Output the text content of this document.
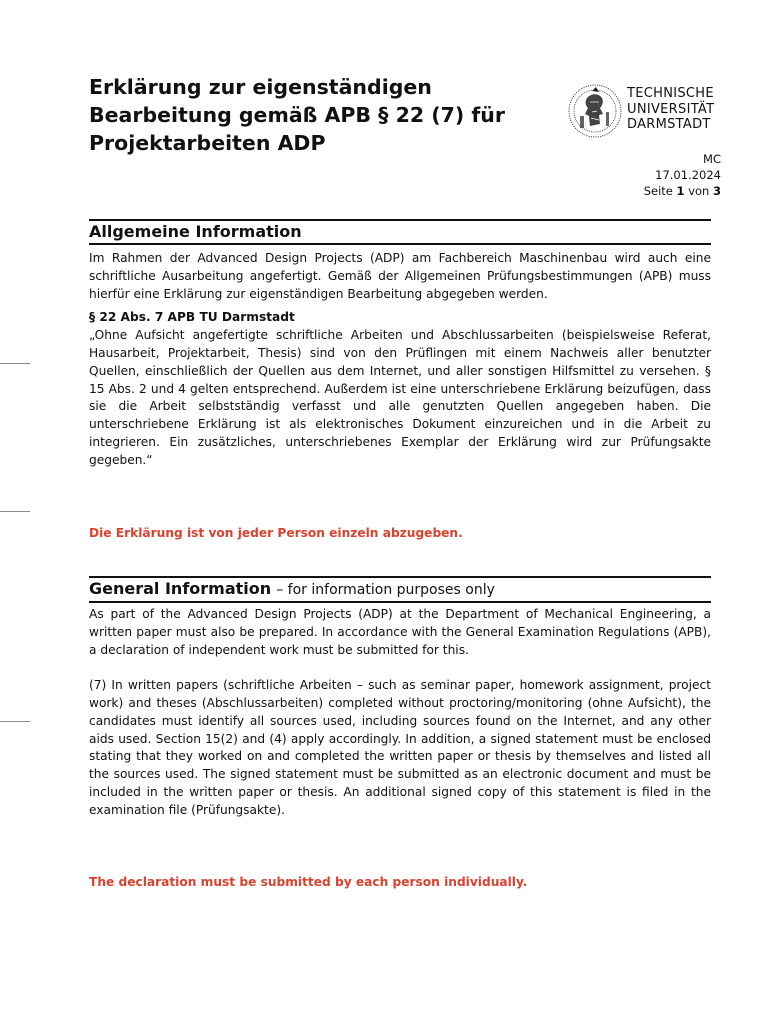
Erklärung zur eigenständigen Bearbeitung gemäß APB § 22 (7) für Projektarbeiten ADP
TECHNISCHE
UNIVERSITÄT
DARMSTADT
MC
17.01.2024
Seite 1 von 3
Allgemeine Information

Im Rahmen der Advanced Design Projects (ADP) am Fachbereich Maschinenbau wird auch eine schriftliche Ausarbeitung angefertigt. Gemäß der Allgemeinen Prüfungsbestimmungen (APB) muss hierfür eine Erklärung zur eigenständigen Bearbeitung abgegeben werden.

§ 22 Abs. 7 APB TU Darmstadt

„Ohne Aufsicht angefertigte schriftliche Arbeiten und Abschlussarbeiten (beispielsweise Referat, Hausarbeit, Projektarbeit, Thesis) sind von den Prüflingen mit einem Nachweis aller benutzter Quellen, einschließlich der Quellen aus dem Internet, und aller sonstigen Hilfsmittel zu versehen. § 15 Abs. 2 und 4 gelten entsprechend. Außerdem ist eine unterschriebene Erklärung beizufügen, dass sie die Arbeit selbstständig verfasst und alle genutzten Quellen angegeben haben. Die unterschriebene Erklärung ist als elektronisches Dokument einzureichen und in die Arbeit zu integrieren. Ein zusätzliches, unterschriebenes Exemplar der Erklärung wird zur Prüfungsakte gegeben.“

Die Erklärung ist von jeder Person einzeln abzugeben.
General Information – for information purposes only

As part of the Advanced Design Projects (ADP) at the Department of Mechanical Engineering, a written paper must also be prepared. In accordance with the General Examination Regulations (APB), a declaration of independent work must be submitted for this.

(7) In written papers (schriftliche Arbeiten – such as seminar paper, homework assignment, project work) and theses (Abschlussarbeiten) completed without proctoring/monitoring (ohne Aufsicht), the candidates must identify all sources used, including sources found on the Internet, and any other aids used. Section 15(2) and (4) apply accordingly. In addition, a signed statement must be enclosed stating that they worked on and completed the written paper or thesis by themselves and listed all the sources used. The signed statement must be submitted as an electronic document and must be included in the written paper or thesis. An additional signed copy of this statement is filed in the examination file (Prüfungsakte).

The declaration must be submitted by each person individually.
